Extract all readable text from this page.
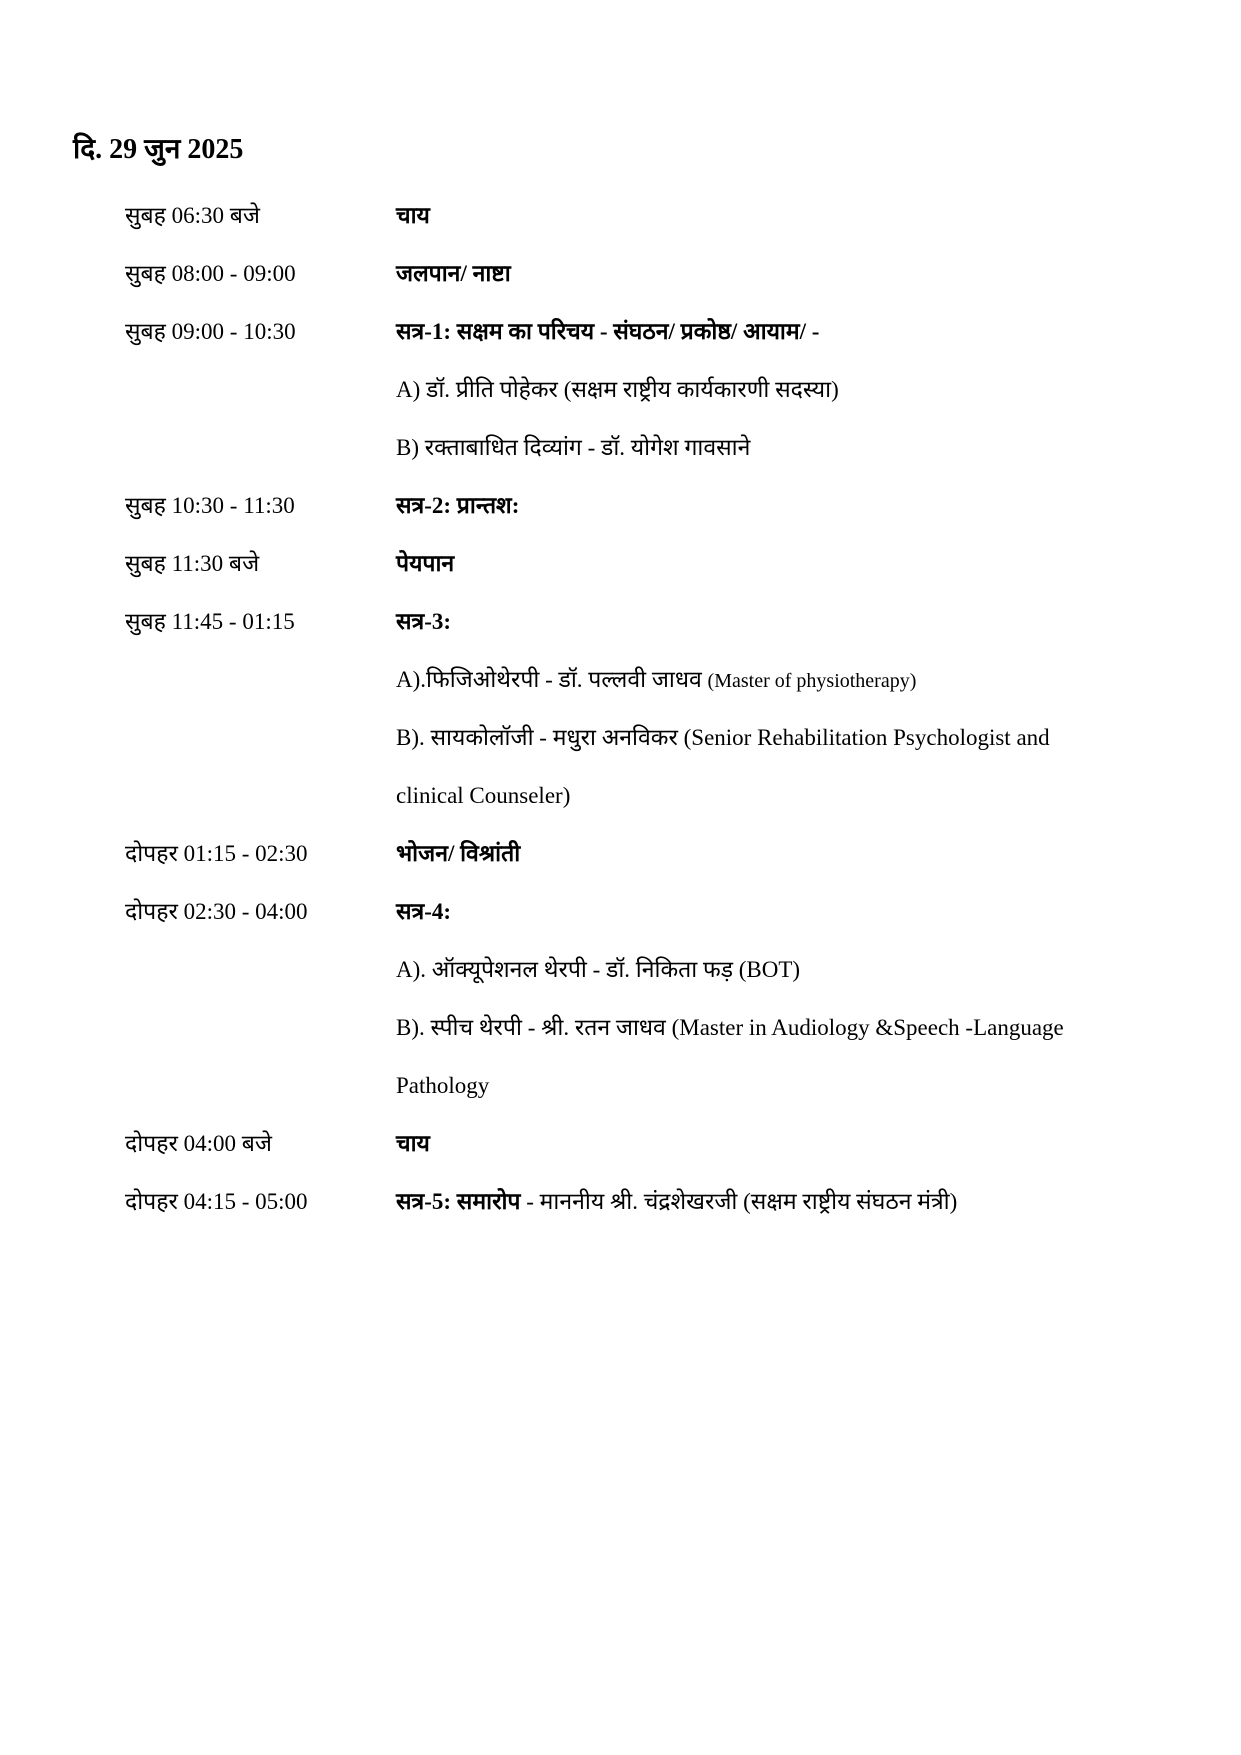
दि. 29 जुन 2025
सुबह 06:30 बजे	चाय
सुबह 08:00 - 09:00	जलपान/ नाष्टा
सुबह 09:00 - 10:30	सत्र-1: सक्षम का परिचय - संघठन/ प्रकोष्ठ/ आयाम/ -
A) डॉ. प्रीति पोहेकर (सक्षम राष्ट्रीय कार्यकारणी सदस्या)
B) रक्ताबाधित दिव्यांग - डॉ. योगेश गावसाने
सुबह 10:30 - 11:30	सत्र-2: प्रान्तश:
सुबह 11:30 बजे	पेयपान
सुबह 11:45 - 01:15	सत्र-3:
A).फिजिओथेरपी - डॉ. पल्लवी जाधव (Master of physiotherapy)
B). सायकोलॉजी - मधुरा अनविकर (Senior Rehabilitation Psychologist and
clinical Counseler)
दोपहर 01:15 - 02:30	भोजन/ विश्रांती
दोपहर 02:30 - 04:00	सत्र-4:
A). ऑक्यूपेशनल थेरपी - डॉ. निकिता फड़ (BOT)
B). स्पीच थेरपी - श्री. रतन जाधव (Master in Audiology &Speech -Language
Pathology
दोपहर 04:00 बजे	चाय
दोपहर 04:15 - 05:00	सत्र-5: समारोप - माननीय श्री. चंद्रशेखरजी (सक्षम राष्ट्रीय संघठन मंत्री)
